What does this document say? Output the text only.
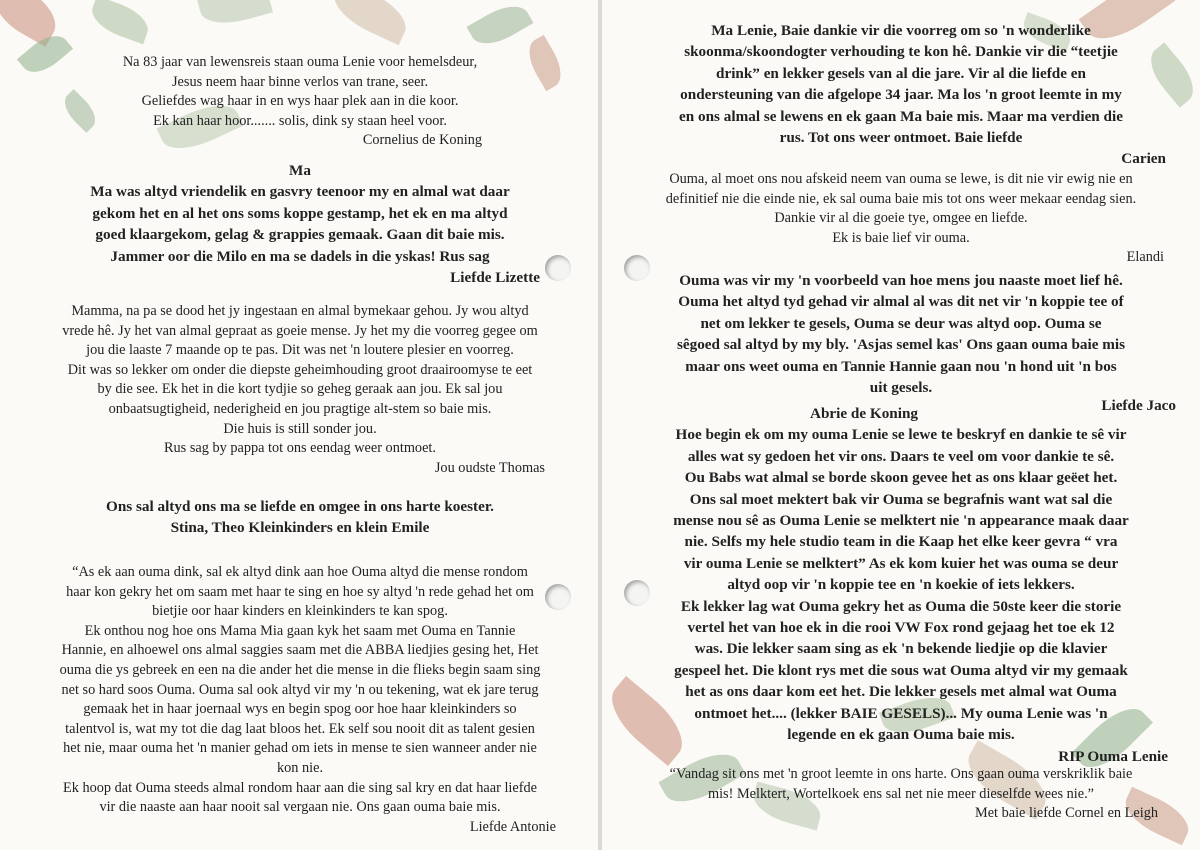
Na 83 jaar van lewensreis staan ouma Lenie voor hemelsdeur,

Jesus neem haar binne verlos van trane, seer.

Geliefdes wag haar in en wys haar plek aan in die koor.

Ek kan haar hoor....... solis, dink sy staan heel voor.

Cornelius de Koning

Ma

Ma was altyd vriendelik en gasvry teenoor my en almal wat daar

gekom het en al het ons soms koppe gestamp, het ek en ma altyd

goed klaargekom, gelag & grappies gemaak. Gaan dit baie mis.

Jammer oor die Milo en ma se dadels in die yskas! Rus sag

Liefde Lizette

Mamma, na pa se dood het jy ingestaan en almal bymekaar gehou. Jy wou altyd

vrede hê. Jy het van almal gepraat as goeie mense. Jy het my die voorreg gegee om

jou die laaste 7 maande op te pas. Dit was net 'n loutere plesier en voorreg.

Dit was so lekker om onder die diepste geheimhouding groot draairoomyse te eet

by die see. Ek het in die kort tydjie so geheg geraak aan jou. Ek sal jou

onbaatsugtigheid, nederigheid en jou pragtige alt-stem so baie mis.

Die huis is still sonder jou.

Rus sag by pappa tot ons eendag weer ontmoet.

Jou oudste Thomas

Ons sal altyd ons ma se liefde en omgee in ons harte koester.

Stina, Theo Kleinkinders en klein Emile

“As ek aan ouma dink, sal ek altyd dink aan hoe Ouma altyd die mense rondom

haar kon gekry het om saam met haar te sing en hoe sy altyd 'n rede gehad het om

bietjie oor haar kinders en kleinkinders te kan spog.

Ek onthou nog hoe ons Mama Mia gaan kyk het saam met Ouma en Tannie

Hannie, en alhoewel ons almal saggies saam met die ABBA liedjies gesing het, Het

ouma die ys gebreek en een na die ander het die mense in die flieks begin saam sing

net so hard soos Ouma. Ouma sal ook altyd vir my 'n ou tekening, wat ek jare terug

gemaak het in haar joernaal wys en begin spog oor hoe haar kleinkinders so

talentvol is, wat my tot die dag laat bloos het. Ek self sou nooit dit as talent gesien

het nie, maar ouma het 'n manier gehad om iets in mense te sien wanneer ander nie

kon nie.

Ek hoop dat Ouma steeds almal rondom haar aan die sing sal kry en dat haar liefde

vir die naaste aan haar nooit sal vergaan nie. Ons gaan ouma baie mis.

Liefde Antonie

Ma Lenie, Baie dankie vir die voorreg om so 'n wonderlike

skoonma/skoondogter verhouding te kon hê. Dankie vir die “teetjie

drink” en lekker gesels van al die jare. Vir al die liefde en

ondersteuning van die afgelope 34 jaar. Ma los 'n groot leemte in my

en ons almal se lewens en ek gaan Ma baie mis. Maar ma verdien die

rus. Tot ons weer ontmoet. Baie liefde

Carien

Ouma, al moet ons nou afskeid neem van ouma se lewe, is dit nie vir ewig nie en

definitief nie die einde nie, ek sal ouma baie mis tot ons weer mekaar eendag sien.

Dankie vir al die goeie tye, omgee en liefde.

Ek is baie lief vir ouma.

Elandi

Ouma was vir my 'n voorbeeld van hoe mens jou naaste moet lief hê.

Ouma het altyd tyd gehad vir almal al was dit net vir 'n koppie tee of

net om lekker te gesels, Ouma se deur was altyd oop. Ouma se

sêgoed sal altyd by my bly. 'Asjas semel kas' Ons gaan ouma baie mis

maar ons weet ouma en Tannie Hannie gaan nou 'n hond uit 'n bos

uit gesels.

Liefde Jaco

Abrie de Koning

Hoe begin ek om my ouma Lenie se lewe te beskryf en dankie te sê vir

alles wat sy gedoen het vir ons. Daars te veel om voor dankie te sê.

Ou Babs wat almal se borde skoon gevee het as ons klaar geëet het.

Ons sal moet mektert bak vir Ouma se begrafnis want wat sal die

mense nou sê as Ouma Lenie se melktert nie 'n appearance maak daar

nie. Selfs my hele studio team in die Kaap het elke keer gevra “ vra

vir ouma Lenie se melktert” As ek kom kuier het was ouma se deur

altyd oop vir 'n koppie tee en 'n koekie of iets lekkers.

Ek lekker lag wat Ouma gekry het as Ouma die 50ste keer die storie

vertel het van hoe ek in die rooi VW Fox rond gejaag het toe ek 12

was. Die lekker saam sing as ek 'n bekende liedjie op die klavier

gespeel het. Die klont rys met die sous wat Ouma altyd vir my gemaak

het as ons daar kom eet het. Die lekker gesels met almal wat Ouma

ontmoet het.... (lekker BAIE GESELS)... My ouma Lenie was 'n

legende en ek gaan Ouma baie mis.

RIP Ouma Lenie

“Vandag sit ons met 'n groot leemte in ons harte. Ons gaan ouma verskriklik baie

mis! Melktert, Wortelkoek ens sal net nie meer dieselfde wees nie.”

Met baie liefde Cornel en Leigh
